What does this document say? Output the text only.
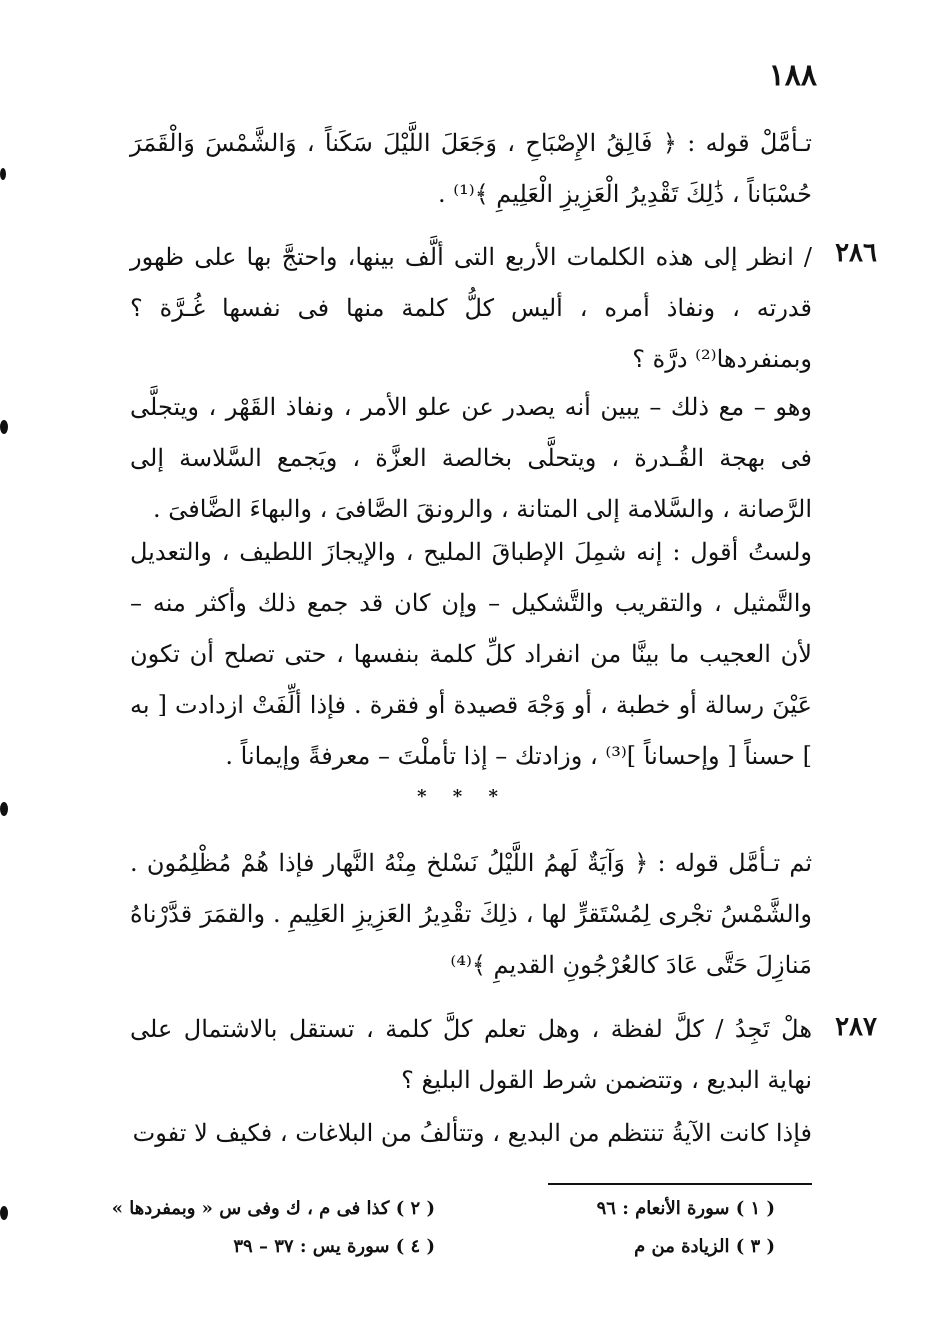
١٨٨
تـأمَّلْ قوله : ﴿ فَالِقُ الإِصْبَاحِ ، وَجَعَلَ اللَّيْلَ سَكَناً ، وَالشَّمْسَ وَالْقَمَرَ حُسْبَاناً ، ذَٰلِكَ تَقْدِيرُ الْعَزِيزِ الْعَلِيمِ ﴾⁽¹⁾ .
٢٨٦
/ انظر إلى هذه الكلمات الأربع التى ألَّف بينها، واحتجَّ بها على ظهور قدرته ، ونفاذ أمره ، أليس كلُّ كلمة منها فى نفسها غُـرَّة ؟ وبمنفردها⁽²⁾ درَّة ؟
وهو – مع ذلك – يبين أنه يصدر عن علو الأمر ، ونفاذ القَهْر ، ويتجلَّى فى بهجة القُـدرة ، ويتحلَّى بخالصة العزَّة ، ويَجمع السَّلاسة إلى الرَّصانة ، والسَّلامة إلى المتانة ، والرونقَ الصَّافىَ ، والبهاءَ الضَّافىَ .
ولستُ أقول : إنه شمِلَ الإطباقَ المليح ، والإيجازَ اللطيف ، والتعديل والتَّمثيل ، والتقريب والتَّشكيل – وإن كان قد جمع ذلك وأكثر منه – لأن العجيب ما بينَّا من انفراد كلِّ كلمة بنفسها ، حتى تصلح أن تكون عَيْنَ رسالة أو خطبة ، أو وَجْهَ قصيدة أو فقرة . فإذا ألِّفَتْ ازدادت [ به ] حسناً [ وإحساناً ]⁽³⁾ ، وزادتك – إذا تأملْتَ – معرفةً وإيماناً .
* * *
ثم تـأمَّل قوله : ﴿ وَآيَةٌ لَهمُ اللَّيْلُ نَسْلخ مِنْهُ النَّهار فإذا هُمْ مُظْلِمُون . والشَّمْسُ تجْرى لِمُسْتَقرٍّ لها ، ذلِكَ تقْدِيرُ العَزِيزِ العَلِيمِ . والقمَرَ قدَّرْناهُ مَنازِلَ حَتَّى عَادَ كالعُرْجُونِ القديمِ ﴾⁽⁴⁾
٢٨٧
هلْ تَجِدُ / كلَّ لفظة ، وهل تعلم كلَّ كلمة ، تستقل بالاشتمال على نهاية البديع ، وتتضمن شرط القول البليغ ؟
فإذا كانت الآيةُ تنتظم من البديع ، وتتألفُ من البلاغات ، فكيف لا تفوت
( ١ ) سورة الأنعام : ٩٦
( ٢ ) كذا فى م ، ك وفى س « وبمفردها »
( ٣ ) الزيادة من م
( ٤ ) سورة يس : ٣٧ – ٣٩
